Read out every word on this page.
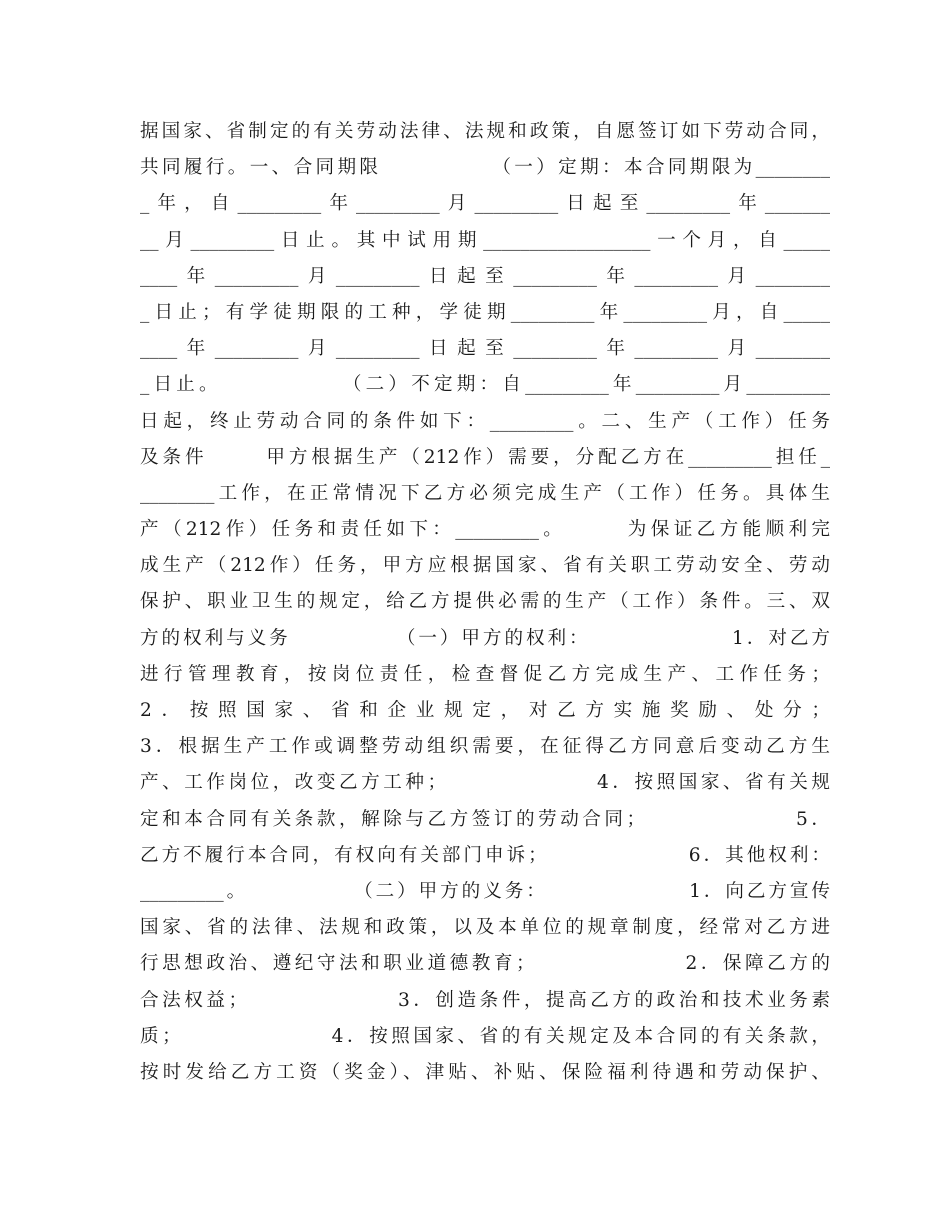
据国家、省制定的有关劳动法律、法规和政策，自愿签订如下劳动合同，
共同履行。一、合同期限            （一）定期：本合同期限为________
_年，自_________年_________月_________日起至_________年_______
__月_________日止。其中试用期__________________一个月，自_____
____年_________月_________日起至_________年_________月________
_日止；有学徒期限的工种，学徒期_________年_________月，自_____
____年_________月_________日起至_________年_________月________
_日止。            （二）不定期：自_________年_________月_________
日起，终止劳动合同的条件如下：_________。二、生产（工作）任务
及条件      甲方根据生产（212作）需要，分配乙方在_________担任_
________工作，在正常情况下乙方必须完成生产（工作）任务。具体生
产（212作）任务和责任如下：_________。      为保证乙方能顺利完
成生产（212作）任务，甲方应根据国家、省有关职工劳动安全、劳动
保护、职业卫生的规定，给乙方提供必需的生产（工作）条件。三、双
方的权利与义务            （一）甲方的权利：                1．对乙方
进行管理教育，按岗位责任，检查督促乙方完成生产、工作任务；
2．按照国家、省和企业规定，对乙方实施奖励、处分；
3．根据生产工作或调整劳动组织需要，在征得乙方同意后变动乙方生
产、工作岗位，改变乙方工种；                4．按照国家、省有关规
定和本合同有关条款，解除与乙方签订的劳动合同；                5．
乙方不履行本合同，有权向有关部门申诉；                6．其他权利：
_________。            （二）甲方的义务：                1．向乙方宣传
国家、省的法律、法规和政策，以及本单位的规章制度，经常对乙方进
行思想政治、遵纪守法和职业道德教育；                2．保障乙方的
合法权益；                3．创造条件，提高乙方的政治和技术业务素
质；                4．按照国家、省的有关规定及本合同的有关条款，
按时发给乙方工资（奖金）、津贴、补贴、保险福利待遇和劳动保护、
